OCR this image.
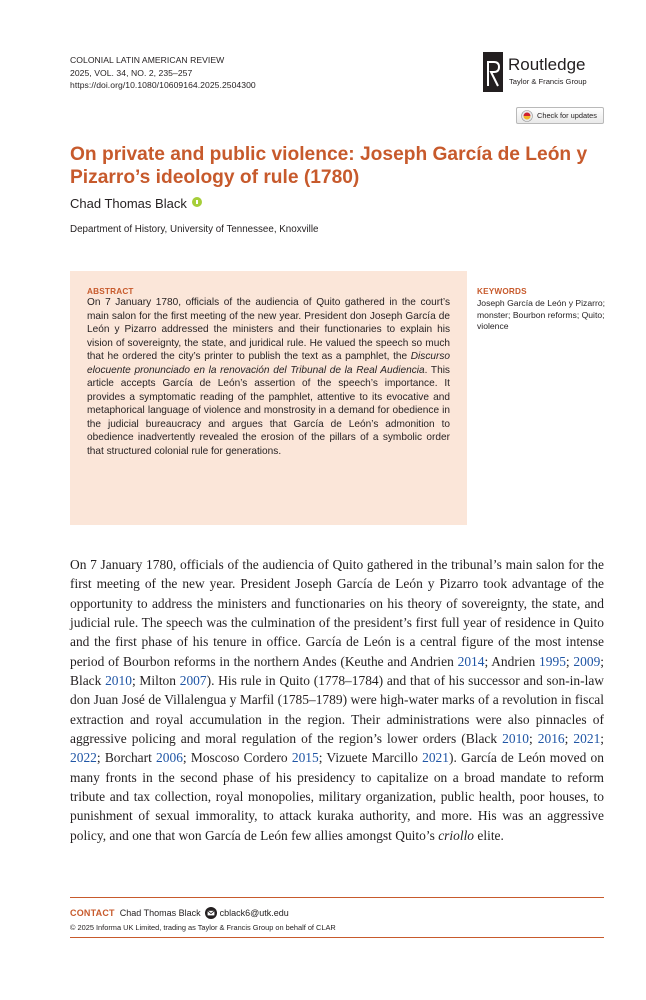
COLONIAL LATIN AMERICAN REVIEW
2025, VOL. 34, NO. 2, 235–257
https://doi.org/10.1080/10609164.2025.2504300
Routledge
Taylor & Francis Group
Check for updates
On private and public violence: Joseph García de León y Pizarro’s ideology of rule (1780)
Chad Thomas Black
Department of History, University of Tennessee, Knoxville
ABSTRACT

On 7 January 1780, officials of the audiencia of Quito gathered in the court’s main salon for the first meeting of the new year. President don Joseph García de León y Pizarro addressed the ministers and their functionaries to explain his vision of sovereignty, the state, and juridical rule. He valued the speech so much that he ordered the city’s printer to publish the text as a pamphlet, the Discurso elocuente pronunciado en la renovación del Tribunal de la Real Audiencia. This article accepts García de León’s assertion of the speech’s importance. It provides a symptomatic reading of the pamphlet, attentive to its evocative and metaphorical language of violence and monstrosity in a demand for obedience in the judicial bureaucracy and argues that García de León’s admonition to obedience inadvertently revealed the erosion of the pillars of a symbolic order that structured colonial rule for generations.

KEYWORDS
Joseph García de León y Pizarro; monster; Bourbon reforms; Quito; violence

On 7 January 1780, officials of the audiencia of Quito gathered in the tribunal’s main salon for the first meeting of the new year. President Joseph García de León y Pizarro took advantage of the opportunity to address the ministers and functionaries on his theory of sovereignty, the state, and judicial rule. The speech was the culmination of the president’s first full year of residence in Quito and the first phase of his tenure in office. García de León is a central figure of the most intense period of Bourbon reforms in the northern Andes (Keuthe and Andrien 2014; Andrien 1995; 2009; Black 2010; Milton 2007). His rule in Quito (1778–1784) and that of his successor and son-in-law don Juan José de Villalengua y Marfil (1785–1789) were high-water marks of a revolution in fiscal extraction and royal accumulation in the region. Their administrations were also pinnacles of aggressive policing and moral regulation of the region’s lower orders (Black 2010; 2016; 2021; 2022; Borchart 2006; Moscoso Cordero 2015; Vizuete Marcillo 2021). García de León moved on many fronts in the second phase of his presidency to capitalize on a broad mandate to reform tribute and tax collection, royal monopolies, military organization, public health, poor houses, to punishment of sexual immorality, to attack kuraka authority, and more. His was an aggressive policy, and one that won García de León few allies amongst Quito’s criollo elite.

CONTACT Chad Thomas Black cblack6@utk.edu
© 2025 Informa UK Limited, trading as Taylor & Francis Group on behalf of CLAR
